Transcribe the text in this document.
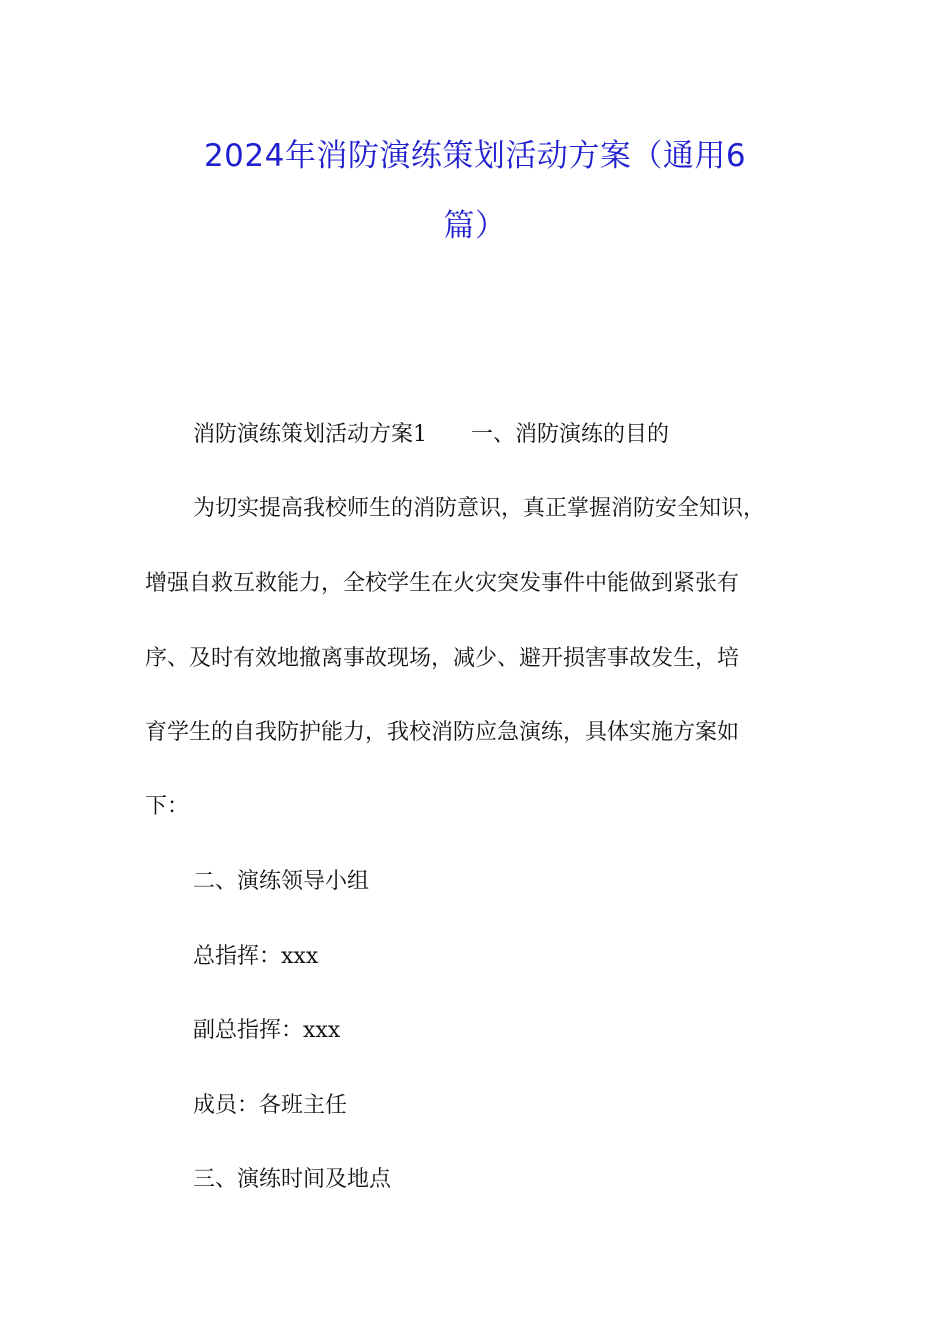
2024年消防演练策划活动方案（通用6
篇）
消防演练策划活动方案1 一、消防演练的目的
为切实提高我校师生的消防意识，真正掌握消防安全知识，
增强自救互救能力，全校学生在火灾突发事件中能做到紧张有
序、及时有效地撤离事故现场，减少、避开损害事故发生，培
育学生的自我防护能力，我校消防应急演练，具体实施方案如
下：
二、演练领导小组
总指挥：xxx
副总指挥：xxx
成员：各班主任
三、演练时间及地点
